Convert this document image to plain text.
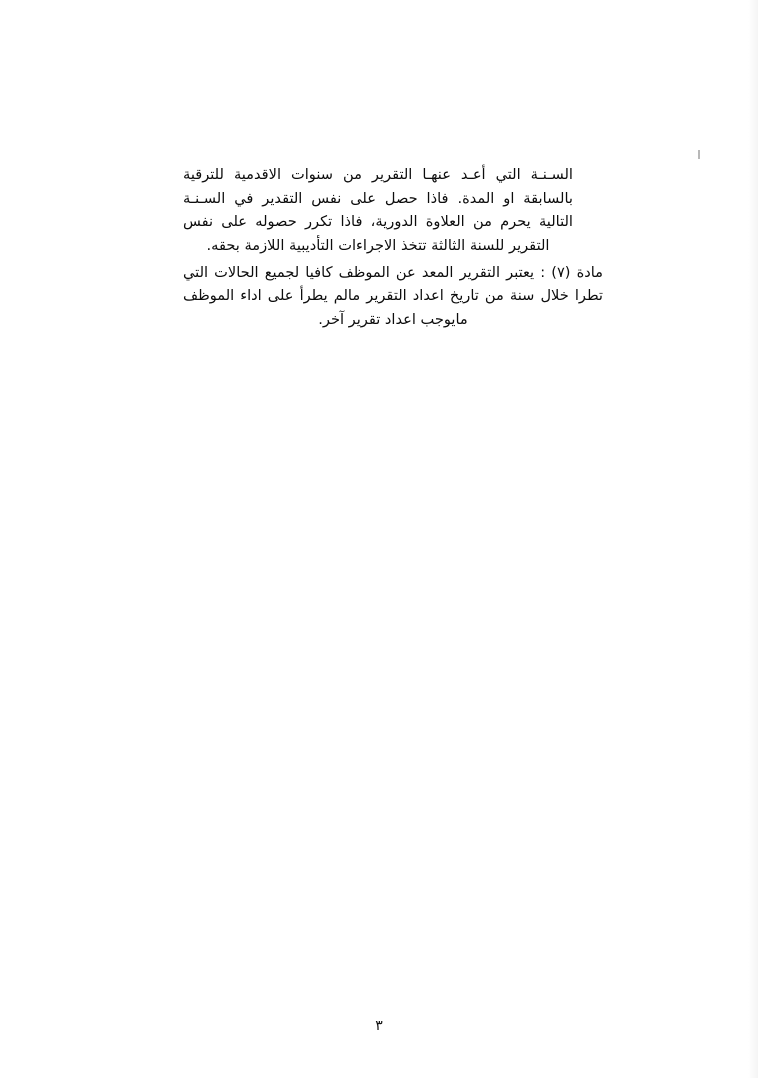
السـنـة التي أعـد عنهـا التقرير من سنوات الاقدمية للترقية بالسابقة او المدة. فاذا حصل على نفس التقدير في السـنـة التالية يحرم من العلاوة الدورية، فاذا تكرر حصوله على نفس التقرير للسنة الثالثة تتخذ الاجراءات التأديبية اللازمة بحقه.

مادة (٧) : يعتبر التقرير المعد عن الموظف كافيا لجميع الحالات التي تطرا خلال سنة من تاريخ اعداد التقرير مالم يطرأ على اداء الموظف مايوجب اعداد تقرير آخر.

٣
